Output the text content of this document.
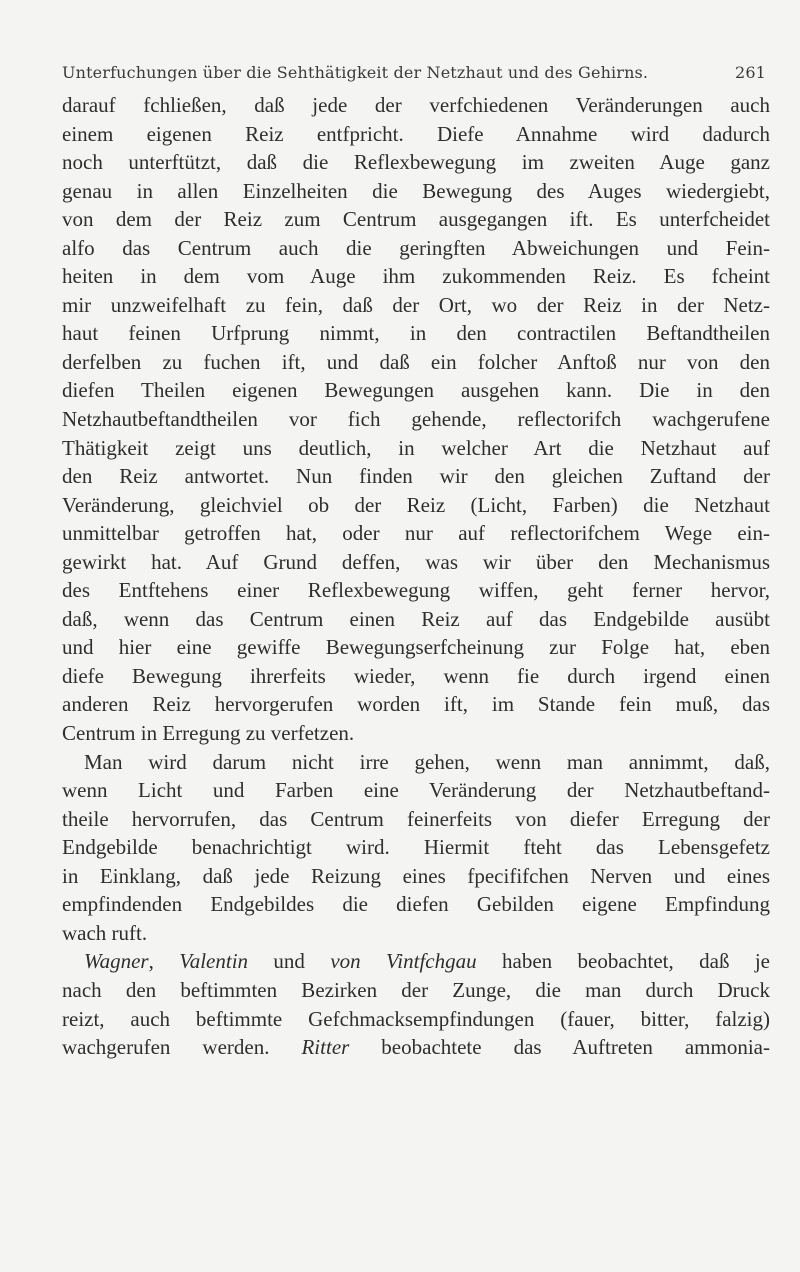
Unterfuchungen über die Sehthätigkeit der Netzhaut und des Gehirns.	261
darauf fchließen, daß jede der verfchiedenen Veränderungen auch
einem eigenen Reiz entfpricht. Diefe Annahme wird dadurch
noch unterftützt, daß die Reflexbewegung im zweiten Auge ganz
genau in allen Einzelheiten die Bewegung des Auges wiedergiebt,
von dem der Reiz zum Centrum ausgegangen ift. Es unterfcheidet
alfo das Centrum auch die geringften Abweichungen und Fein-
heiten in dem vom Auge ihm zukommenden Reiz. Es fcheint
mir unzweifelhaft zu fein, daß der Ort, wo der Reiz in der Netz-
haut feinen Urfprung nimmt, in den contractilen Beftandtheilen
derfelben zu fuchen ift, und daß ein folcher Anftoß nur von den
diefen Theilen eigenen Bewegungen ausgehen kann. Die in den
Netzhautbeftandtheilen vor fich gehende, reflectorifch wachgerufene
Thätigkeit zeigt uns deutlich, in welcher Art die Netzhaut auf
den Reiz antwortet. Nun finden wir den gleichen Zuftand der
Veränderung, gleichviel ob der Reiz (Licht, Farben) die Netzhaut
unmittelbar getroffen hat, oder nur auf reflectorifchem Wege ein-
gewirkt hat. Auf Grund deffen, was wir über den Mechanismus
des Entftehens einer Reflexbewegung wiffen, geht ferner hervor,
daß, wenn das Centrum einen Reiz auf das Endgebilde ausübt
und hier eine gewiffe Bewegungserfcheinung zur Folge hat, eben
diefe Bewegung ihrerfeits wieder, wenn fie durch irgend einen
anderen Reiz hervorgerufen worden ift, im Stande fein muß, das
Centrum in Erregung zu verfetzen.
Man wird darum nicht irre gehen, wenn man annimmt, daß,
wenn Licht und Farben eine Veränderung der Netzhautbeftand-
theile hervorrufen, das Centrum feinerfeits von diefer Erregung der
Endgebilde benachrichtigt wird. Hiermit fteht das Lebensgefetz
in Einklang, daß jede Reizung eines fpecififchen Nerven und eines
empfindenden Endgebildes die diefen Gebilden eigene Empfindung
wach ruft.
Wagner, Valentin und von Vintfchgau haben beobachtet, daß je
nach den beftimmten Bezirken der Zunge, die man durch Druck
reizt, auch beftimmte Gefchmacksempfindungen (fauer, bitter, falzig)
wachgerufen werden. Ritter beobachtete das Auftreten ammonia-
